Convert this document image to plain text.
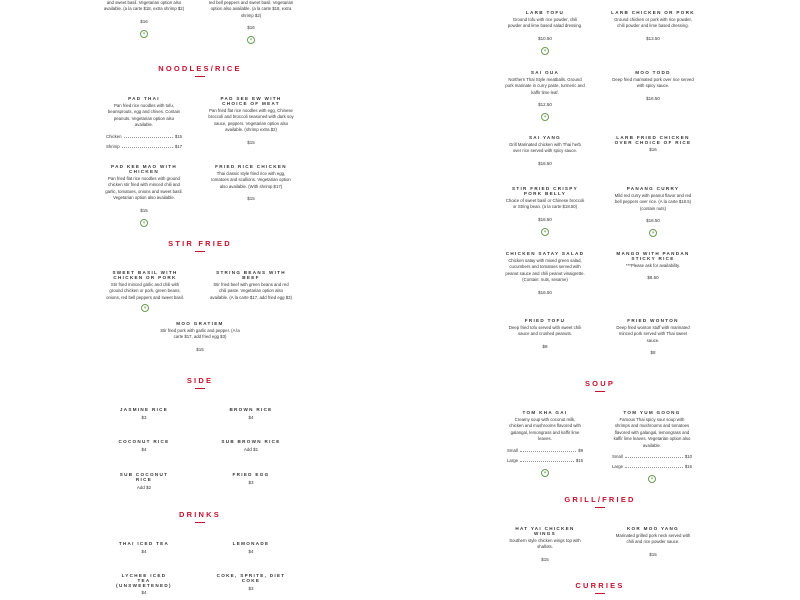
and sweet basil. Vegetarian option also available. (a la carte $18, extra shrimp $2)
$16
⚘
red bell peppers and sweet basil. Vegetarian option also available. (a la carte $18, extra shrimp $2)
$16
⚘
NOODLES/RICE
PAD THAI
Pan fried rice noodles with tofu, beansprouts, egg and chives. Contain peanuts. Vegetarian option also available.
Chicken	$15
Shrimp	$17
PAD SEE EW WITH CHOICE OF MEAT
Pan fried flat rice noodles with egg, Chinese broccoli and broccoli seasoned with dark soy sauce, peppers. Vegetarian option also available. (shrimp extra $2)
$15
PAD KEE MAO WITH CHICKEN
Pan fried flat rice noodles with ground chicken stir fried with minced chili and garlic, tomatoes, onions and sweet basil. Vegetarian option also available.
$15
⚘
FRIED RICE CHICKEN
Thai classic style fried rice with egg, tomatoes and scallions. Vegetarian option also available. (With shrimp $17)
$15
STIR FRIED
SWEET BASIL WITH CHICKEN OR PORK
Stir fried minced garlic and chili with ground chicken or pork, green beans, onions, red bell peppers and sweet basil.
⚘
STRING BEANS WITH BEEF
Stir fried beef with green beans and red chili paste. Vegetarian option also available. (A la carte $17, add fried egg $3)
MOO GRATIEM
Stir fried pork with garlic and pepper. (A la carte $17, add fried egg $3)
$15
SIDE
JASMINE RICE
$3
BROWN RICE
$4
COCONUT RICE
$4
SUB BROWN RICE
Add $1
SUB COCONUT RICE
Add $2
FRIED EGG
$3
DRINKS
THAI ICED TEA
$4
LEMONADE
$4
LYCHEE ICED TEA (UNSWEETENED)
$4
COKE, SPRITE, DIET COKE
$3
LARB TOFU
Ground tofu with rice powder, chili powder and lime based salad dressing.
$10.50
⚘
LARB CHICKEN OR PORK
Ground chicken or pork with rice powder, chili powder and lime based dressing.
$13.50
SAI OUA
Northern Thai Style meatballs. Ground pork marinate in curry paste, turmeric and kaffir lime leaf.
$12.50
⚘
MOO TODD
Deep fried marinated pork over rice served with spicy sauce.
$16.50
SAI YANG
Grill Marinated chicken with Thai herb over rice served with spicy sauce.
$16.50
LARB FRIED CHICKEN OVER CHOICE OF RICE
$16
STIR FRIED CRISPY PORK BELLY
Choice of sweet basil or Chinese broccoli or String bean. (a la carte $18.50)
$16.50
⚘
PANANG CURRY
Mild red curry with peanut flavor and red bell peppers over rice. (A la carte $18.5) (contain nuts)
$16.50
⚘
CHICKEN SATAY SALAD
Chicken satay with mixed green salad, cucumbers and tomatoes served with peanut sauce and chili peanut vinaigrette. (Contain: nuts, sesame)
$16.50
MANGO WITH PANDAN STICKY RICE
***Please ask for availability.
$8.50
FRIED TOFU
Deep fried tofu served with sweet chili sauce and crushed peanuts.
$8
FRIED WONTON
Deep fried wonton stuff with marinated minced pork served with Thai sweet sauce.
$8
SOUP
TOM KHA GAI
Creamy soup with coconut milk, chicken and mushrooms flavored with galangal, lemongrass and kaffir lime leaves.
Small	$9
Large	$15
⚘
TOM YUM GOONG
Famous Thai spicy sour soup with shrimps and mushrooms and tomatoes flavored with galangal, lemongrass and kaffir lime leaves. Vegetarian option also available.
Small	$10
Large	$16
⚘
GRILL/FRIED
HAT YAI CHICKEN WINGS
Southern style chicken wings top with shallots.
$15
KOR MOO YANG
Marinated grilled pork neck served with chili and rice powder sauce.
$15
CURRIES
